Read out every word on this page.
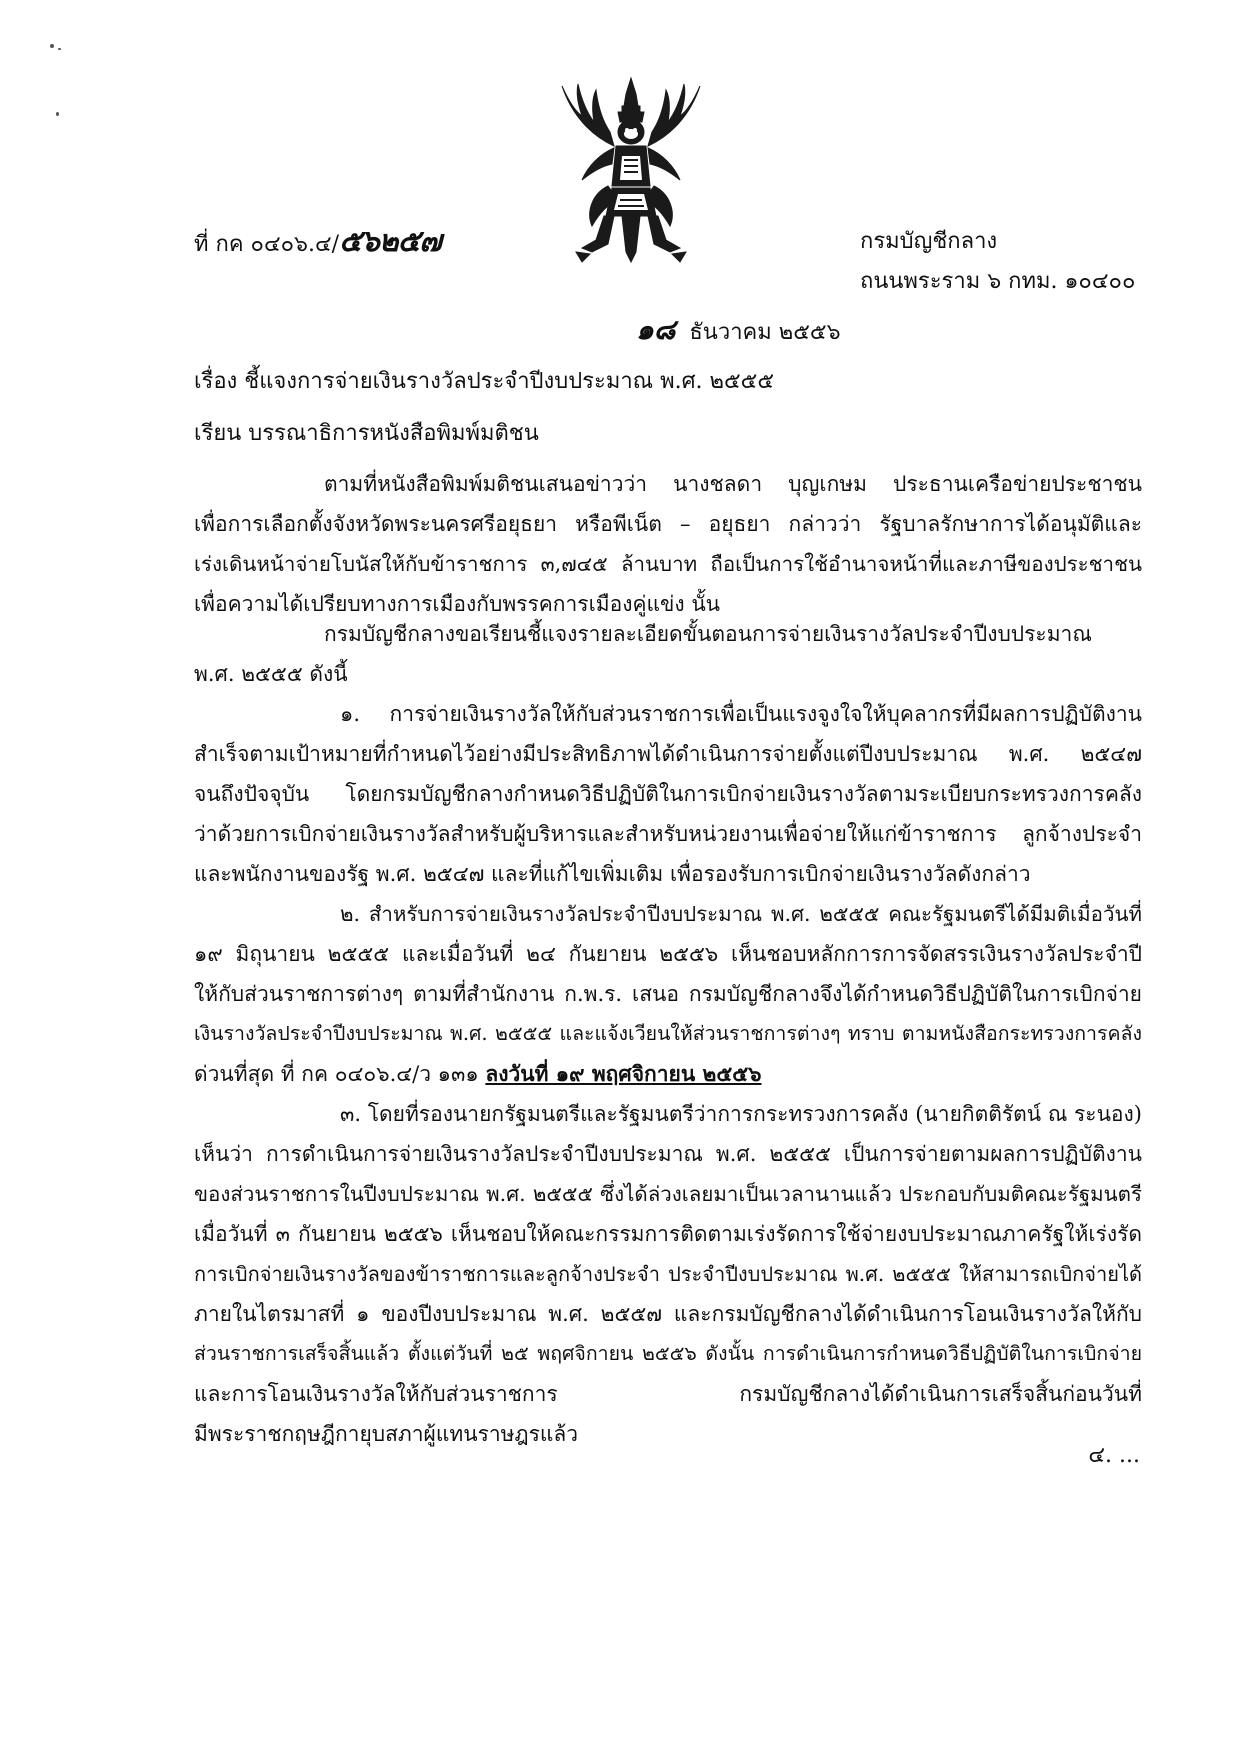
ที่ กค ๐๔๐๖.๔/๕๖๒๕๗	กรมบัญชีกลาง
ถนนพระราม ๖ กทม. ๑๐๔๐๐
๑๘ ธันวาคม ๒๕๕๖
เรื่อง ชี้แจงการจ่ายเงินรางวัลประจำปีงบประมาณ พ.ศ. ๒๕๕๕
เรียน บรรณาธิการหนังสือพิมพ์มติชน
ตามที่หนังสือพิมพ์มติชนเสนอข่าวว่า นางชลดา บุญเกษม ประธานเครือข่ายประชาชน
เพื่อการเลือกตั้งจังหวัดพระนครศรีอยุธยา หรือพีเน็ต – อยุธยา กล่าวว่า รัฐบาลรักษาการได้อนุมัติและ
เร่งเดินหน้าจ่ายโบนัสให้กับข้าราชการ ๓,๗๔๕ ล้านบาท ถือเป็นการใช้อำนาจหน้าที่และภาษีของประชาชน
เพื่อความได้เปรียบทางการเมืองกับพรรคการเมืองคู่แข่ง นั้น
กรมบัญชีกลางขอเรียนชี้แจงรายละเอียดขั้นตอนการจ่ายเงินรางวัลประจำปีงบประมาณ
พ.ศ. ๒๕๕๕ ดังนี้
๑. การจ่ายเงินรางวัลให้กับส่วนราชการเพื่อเป็นแรงจูงใจให้บุคลากรที่มีผลการปฏิบัติงาน
สำเร็จตามเป้าหมายที่กำหนดไว้อย่างมีประสิทธิภาพได้ดำเนินการจ่ายตั้งแต่ปีงบประมาณ พ.ศ. ๒๕๔๗
จนถึงปัจจุบัน โดยกรมบัญชีกลางกำหนดวิธีปฏิบัติในการเบิกจ่ายเงินรางวัลตามระเบียบกระทรวงการคลัง
ว่าด้วยการเบิกจ่ายเงินรางวัลสำหรับผู้บริหารและสำหรับหน่วยงานเพื่อจ่ายให้แก่ข้าราชการ ลูกจ้างประจำ
และพนักงานของรัฐ พ.ศ. ๒๕๔๗ และที่แก้ไขเพิ่มเติม เพื่อรองรับการเบิกจ่ายเงินรางวัลดังกล่าว
๒. สำหรับการจ่ายเงินรางวัลประจำปีงบประมาณ พ.ศ. ๒๕๕๕ คณะรัฐมนตรีได้มีมติเมื่อวันที่
๑๙ มิถุนายน ๒๕๕๕ และเมื่อวันที่ ๒๔ กันยายน ๒๕๕๖ เห็นชอบหลักการการจัดสรรเงินรางวัลประจำปี
ให้กับส่วนราชการต่างๆ ตามที่สำนักงาน ก.พ.ร. เสนอ กรมบัญชีกลางจึงได้กำหนดวิธีปฏิบัติในการเบิกจ่าย
เงินรางวัลประจำปีงบประมาณ พ.ศ. ๒๕๕๕ และแจ้งเวียนให้ส่วนราชการต่างๆ ทราบ ตามหนังสือกระทรวงการคลัง
ด่วนที่สุด ที่ กค ๐๔๐๖.๔/ว ๑๓๑ ลงวันที่ ๑๙ พฤศจิกายน ๒๕๕๖
๓. โดยที่รองนายกรัฐมนตรีและรัฐมนตรีว่าการกระทรวงการคลัง (นายกิตติรัตน์ ณ ระนอง)
เห็นว่า การดำเนินการจ่ายเงินรางวัลประจำปีงบประมาณ พ.ศ. ๒๕๕๕ เป็นการจ่ายตามผลการปฏิบัติงาน
ของส่วนราชการในปีงบประมาณ พ.ศ. ๒๕๕๕ ซึ่งได้ล่วงเลยมาเป็นเวลานานแล้ว ประกอบกับมติคณะรัฐมนตรี
เมื่อวันที่ ๓ กันยายน ๒๕๕๖ เห็นชอบให้คณะกรรมการติดตามเร่งรัดการใช้จ่ายงบประมาณภาครัฐให้เร่งรัด
การเบิกจ่ายเงินรางวัลของข้าราชการและลูกจ้างประจำ ประจำปีงบประมาณ พ.ศ. ๒๕๕๕ ให้สามารถเบิกจ่ายได้
ภายในไตรมาสที่ ๑ ของปีงบประมาณ พ.ศ. ๒๕๕๗ และกรมบัญชีกลางได้ดำเนินการโอนเงินรางวัลให้กับ
ส่วนราชการเสร็จสิ้นแล้ว ตั้งแต่วันที่ ๒๕ พฤศจิกายน ๒๕๕๖ ดังนั้น การดำเนินการกำหนดวิธีปฏิบัติในการเบิกจ่าย
และการโอนเงินรางวัลให้กับส่วนราชการ กรมบัญชีกลางได้ดำเนินการเสร็จสิ้นก่อนวันที่
มีพระราชกฤษฎีกายุบสภาผู้แทนราษฎรแล้ว
๔. ...
